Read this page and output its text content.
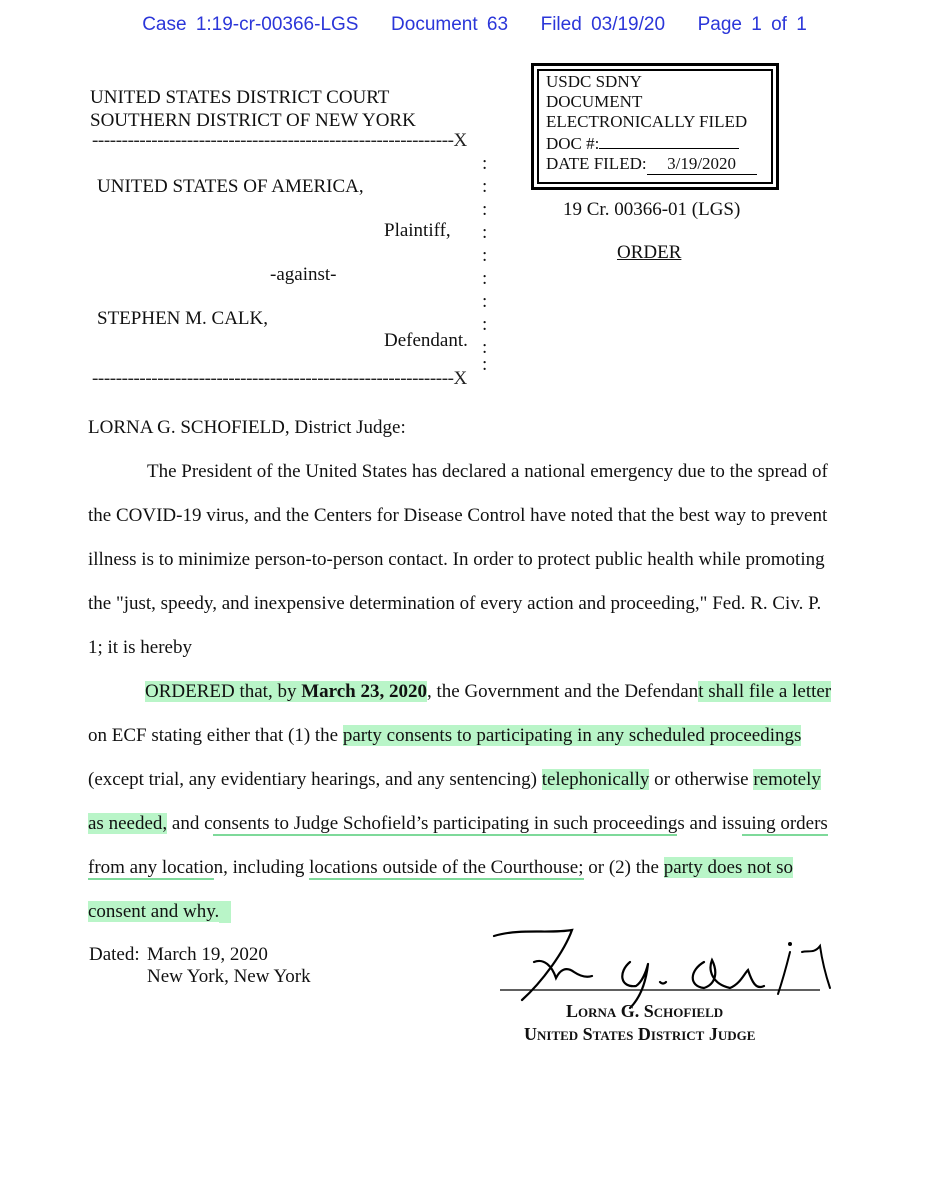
Case 1:19-cr-00366-LGS Document 63 Filed 03/19/20 Page 1 of 1
UNITED STATES DISTRICT COURT
SOUTHERN DISTRICT OF NEW YORK
USDC SDNY
DOCUMENT
ELECTRONICALLY FILED
DOC #:
DATE FILED: 3/19/2020
-------------------------------------------------------------X
-------------------------------------------------------------X
:
:
:
:
:
:
:
:
:
:
UNITED STATES OF AMERICA,
Plaintiff,
-against-
STEPHEN M. CALK,
Defendant.
19 Cr. 00366-01 (LGS)
ORDER
LORNA G. SCHOFIELD, District Judge:
The President of the United States has declared a national emergency due to the spread of
the COVID-19 virus, and the Centers for Disease Control have noted that the best way to prevent
illness is to minimize person-to-person contact. In order to protect public health while promoting
the "just, speedy, and inexpensive determination of every action and proceeding," Fed. R. Civ. P.
1; it is hereby
ORDERED that, by March 23, 2020, the Government and the Defendant shall file a letter
on ECF stating either that (1) the party consents to participating in any scheduled proceedings
(except trial, any evidentiary hearings, and any sentencing) telephonically or otherwise remotely
as needed, and consents to Judge Schofield’s participating in such proceedings and issuing orders
from any location, including locations outside of the Courthouse; or (2) the party does not so
consent and why.
Dated: March 19, 2020
New York, New York
Lorna G. Schofield
United States District Judge
